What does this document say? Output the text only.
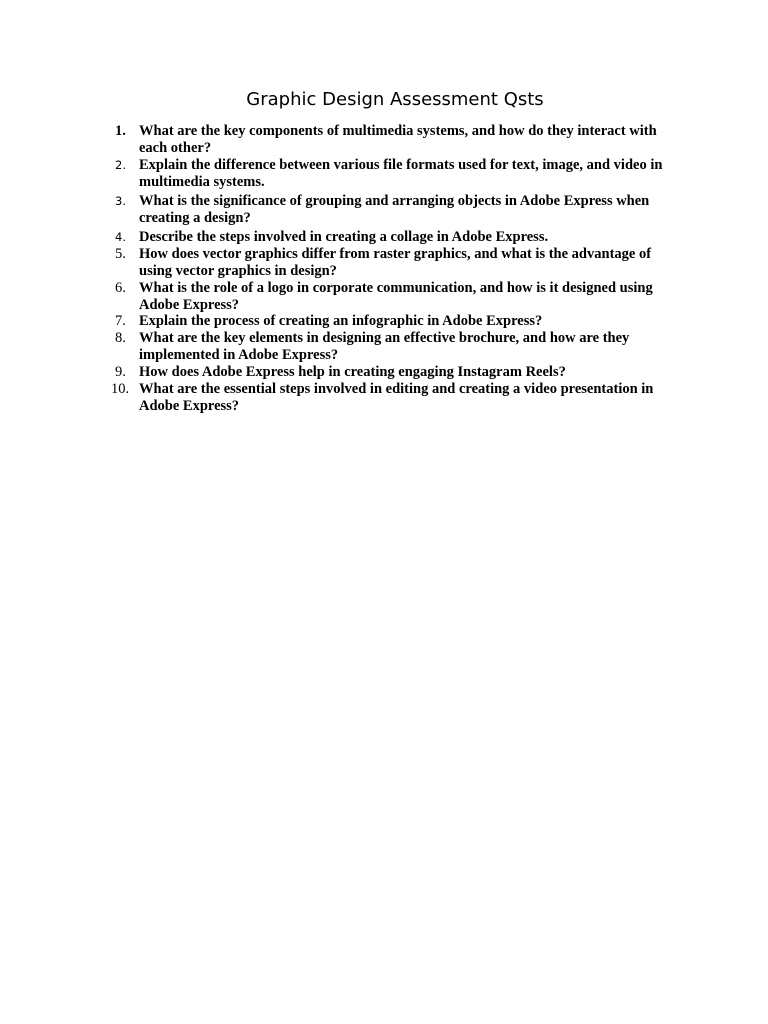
Graphic Design Assessment Qsts
1. What are the key components of multimedia systems, and how do they interact with each other?
2. Explain the difference between various file formats used for text, image, and video in multimedia systems.
3. What is the significance of grouping and arranging objects in Adobe Express when creating a design?
4. Describe the steps involved in creating a collage in Adobe Express.
5. How does vector graphics differ from raster graphics, and what is the advantage of using vector graphics in design?
6. What is the role of a logo in corporate communication, and how is it designed using Adobe Express?
7. Explain the process of creating an infographic in Adobe Express?
8. What are the key elements in designing an effective brochure, and how are they implemented in Adobe Express?
9. How does Adobe Express help in creating engaging Instagram Reels?
10. What are the essential steps involved in editing and creating a video presentation in Adobe Express?
